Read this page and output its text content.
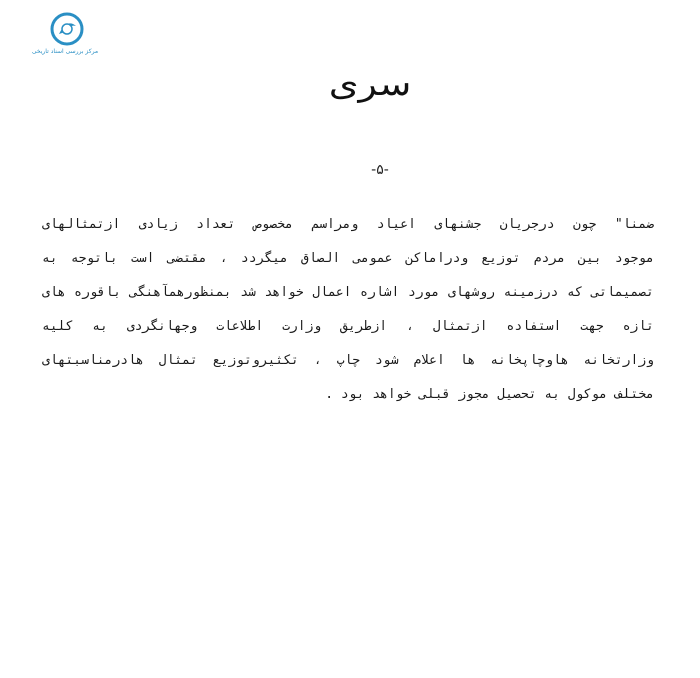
مرکز بررسی اسناد تاریخی
سری
-۵-
ضمنا" چون درجریان جشنهای اعیاد ومراسم مخصوص تعداد زیادی ازتمثالهای
موجود بین مردم توزیع ودراماکن عمومی الصاق میگردد ، مقتضی است باتوجه به
تصمیماتی که درزمینه روشهای مورد اشاره اعمال خواهد شد بمنظورهمآهنگی باقوره های
تازه جهت استفاده ازتمثال ، ازطریق وزارت اطلاعات وجهانگردی به کلیه
وزارتخانه هاوچاپخانه ها اعلام شود چاپ ، تکثیروتوزیع تمثال هادرمناسبتهای
مختلف موکول به تحصیل مجوز قبلی خواهد بود .
